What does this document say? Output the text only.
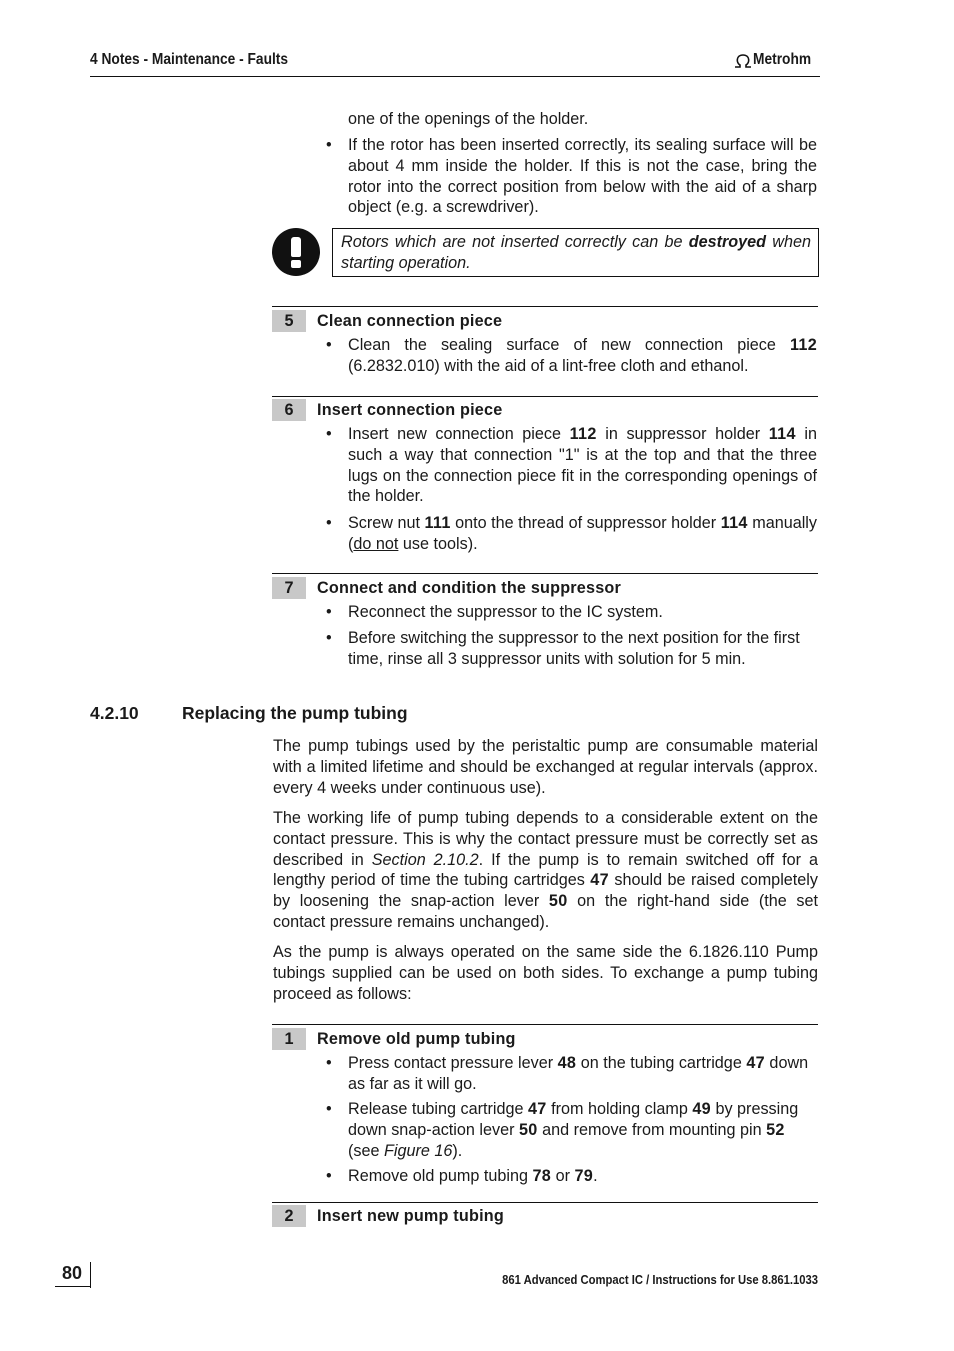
4 Notes - Maintenance - Faults	Metrohm
one of the openings of the holder.
• If the rotor has been inserted correctly, its sealing surface will be about 4 mm inside the holder. If this is not the case, bring the rotor into the correct position from below with the aid of a sharp object (e.g. a screwdriver).
Rotors which are not inserted correctly can be destroyed when starting operation.
5	Clean connection piece
• Clean the sealing surface of new connection piece 112 (6.2832.010) with the aid of a lint-free cloth and ethanol.
6	Insert connection piece
• Insert new connection piece 112 in suppressor holder 114 in such a way that connection "1" is at the top and that the three lugs on the connection piece fit in the corresponding openings of the holder.
• Screw nut 111 onto the thread of suppressor holder 114 manually (do not use tools).
7	Connect and condition the suppressor
• Reconnect the suppressor to the IC system.
• Before switching the suppressor to the next position for the first time, rinse all 3 suppressor units with solution for 5 min.
4.2.10 Replacing the pump tubing
The pump tubings used by the peristaltic pump are consumable material with a limited lifetime and should be exchanged at regular intervals (approx. every 4 weeks under continuous use).
The working life of pump tubing depends to a considerable extent on the contact pressure. This is why the contact pressure must be correctly set as described in Section 2.10.2. If the pump is to remain switched off for a lengthy period of time the tubing cartridges 47 should be raised completely by loosening the snap-action lever 50 on the right-hand side (the set contact pressure remains unchanged).
As the pump is always operated on the same side the 6.1826.110 Pump tubings supplied can be used on both sides. To exchange a pump tubing proceed as follows:
1	Remove old pump tubing
• Press contact pressure lever 48 on the tubing cartridge 47 down as far as it will go.
• Release tubing cartridge 47 from holding clamp 49 by pressing down snap-action lever 50 and remove from mounting pin 52 (see Figure 16).
• Remove old pump tubing 78 or 79.
2	Insert new pump tubing
80	861 Advanced Compact IC / Instructions for Use 8.861.1033
